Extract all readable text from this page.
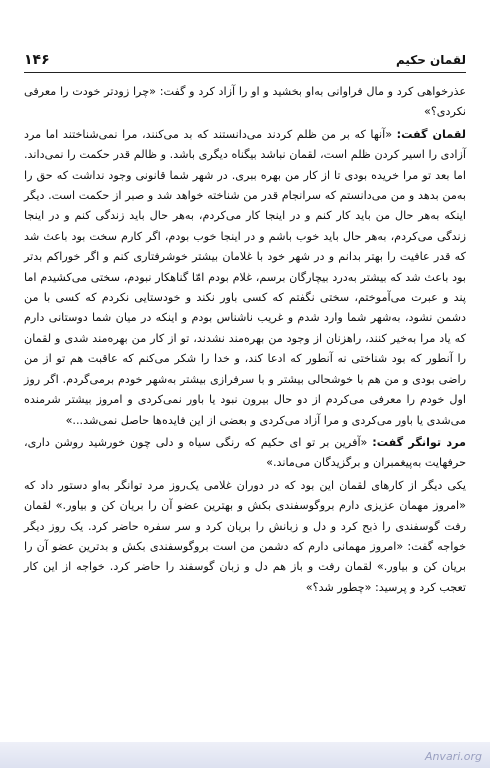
۱۴۶	لقمان حکیم

عذرخواهی کرد و مال فراوانی به‌او بخشید و او را آزاد کرد و گفت: «چرا زودتر خودت را معرفی نکردی؟»

لقمان گفت: «آنها که بر من ظلم کردند می‌دانستند که بد می‌کنند، مرا نمی‌شناختند اما مرد آزادی را اسیر کردن ظلم است، لقمان نباشد بیگناه دیگری باشد. و ظالم قدر حکمت را نمی‌داند. اما بعد تو مرا خریده بودی تا از کار من بهره ببری. در شهر شما قانونی وجود نداشت که حق را به‌من بدهد و من می‌دانستم که سرانجام قدر من شناخته خواهد شد و صبر از حکمت است. دیگر اینکه به‌هر حال من باید کار کنم و در اینجا کار می‌کردم، به‌هر حال باید زندگی کنم و در اینجا زندگی می‌کردم، به‌هر حال باید خوب باشم و در اینجا خوب بودم، اگر کارم سخت بود باعث شد که قدر عافیت را بهتر بدانم و در شهر خود با غلامان بیشتر خوشرفتاری کنم و اگر خوراکم بدتر بود باعث شد که بیشتر به‌درد بیچارگان برسم، غلام بودم امّا گناهکار نبودم، سختی می‌کشیدم اما پند و عبرت می‌آموختم، سختی نگفتم که کسی باور نکند و خودستایی نکردم که کسی با من دشمن نشود، به‌شهر شما وارد شدم و غریب ناشناس بودم و اینکه در میان شما دوستانی دارم که یاد مرا به‌خیر کنند، راهزنان از وجود من بهره‌مند نشدند، تو از کار من بهره‌مند شدی و لقمان را آنطور که بود شناختی نه آنطور که ادعا کند، و خدا را شکر می‌کنم که عاقبت هم تو از من راضی بودی و من هم با خوشحالی بیشتر و با سرفرازی بیشتر به‌شهر خودم برمی‌گردم. اگر روز اول خودم را معرفی می‌کردم از دو حال بیرون نبود یا باور نمی‌کردی و امروز بیشتر شرمنده می‌شدی یا باور می‌کردی و مرا آزاد می‌کردی و بعضی از این فایده‌ها حاصل نمی‌شد...»

مرد توانگر گفت: «آفرین بر تو ای حکیم که رنگی سیاه و دلی چون خورشید روشن داری، حرفهایت به‌پیغمبران و برگزیدگان می‌ماند.»

یکی دیگر از کارهای لقمان این بود که در دوران غلامی یک‌روز مرد توانگر به‌او دستور داد که «امروز مهمان عزیزی دارم بروگوسفندی بکش و بهترین عضو آن را بریان کن و بیاور.» لقمان رفت گوسفندی را ذبح کرد و دل و زبانش را بریان کرد و سر سفره حاضر کرد. یک روز دیگر خواجه گفت: «امروز مهمانی دارم که دشمن من است بروگوسفندی بکش و بدترین عضو آن را بریان کن و بیاور.» لقمان رفت و باز هم دل و زبان گوسفند را حاضر کرد. خواجه از این کار تعجب کرد و پرسید: «چطور شد؟»

Anvari.org
